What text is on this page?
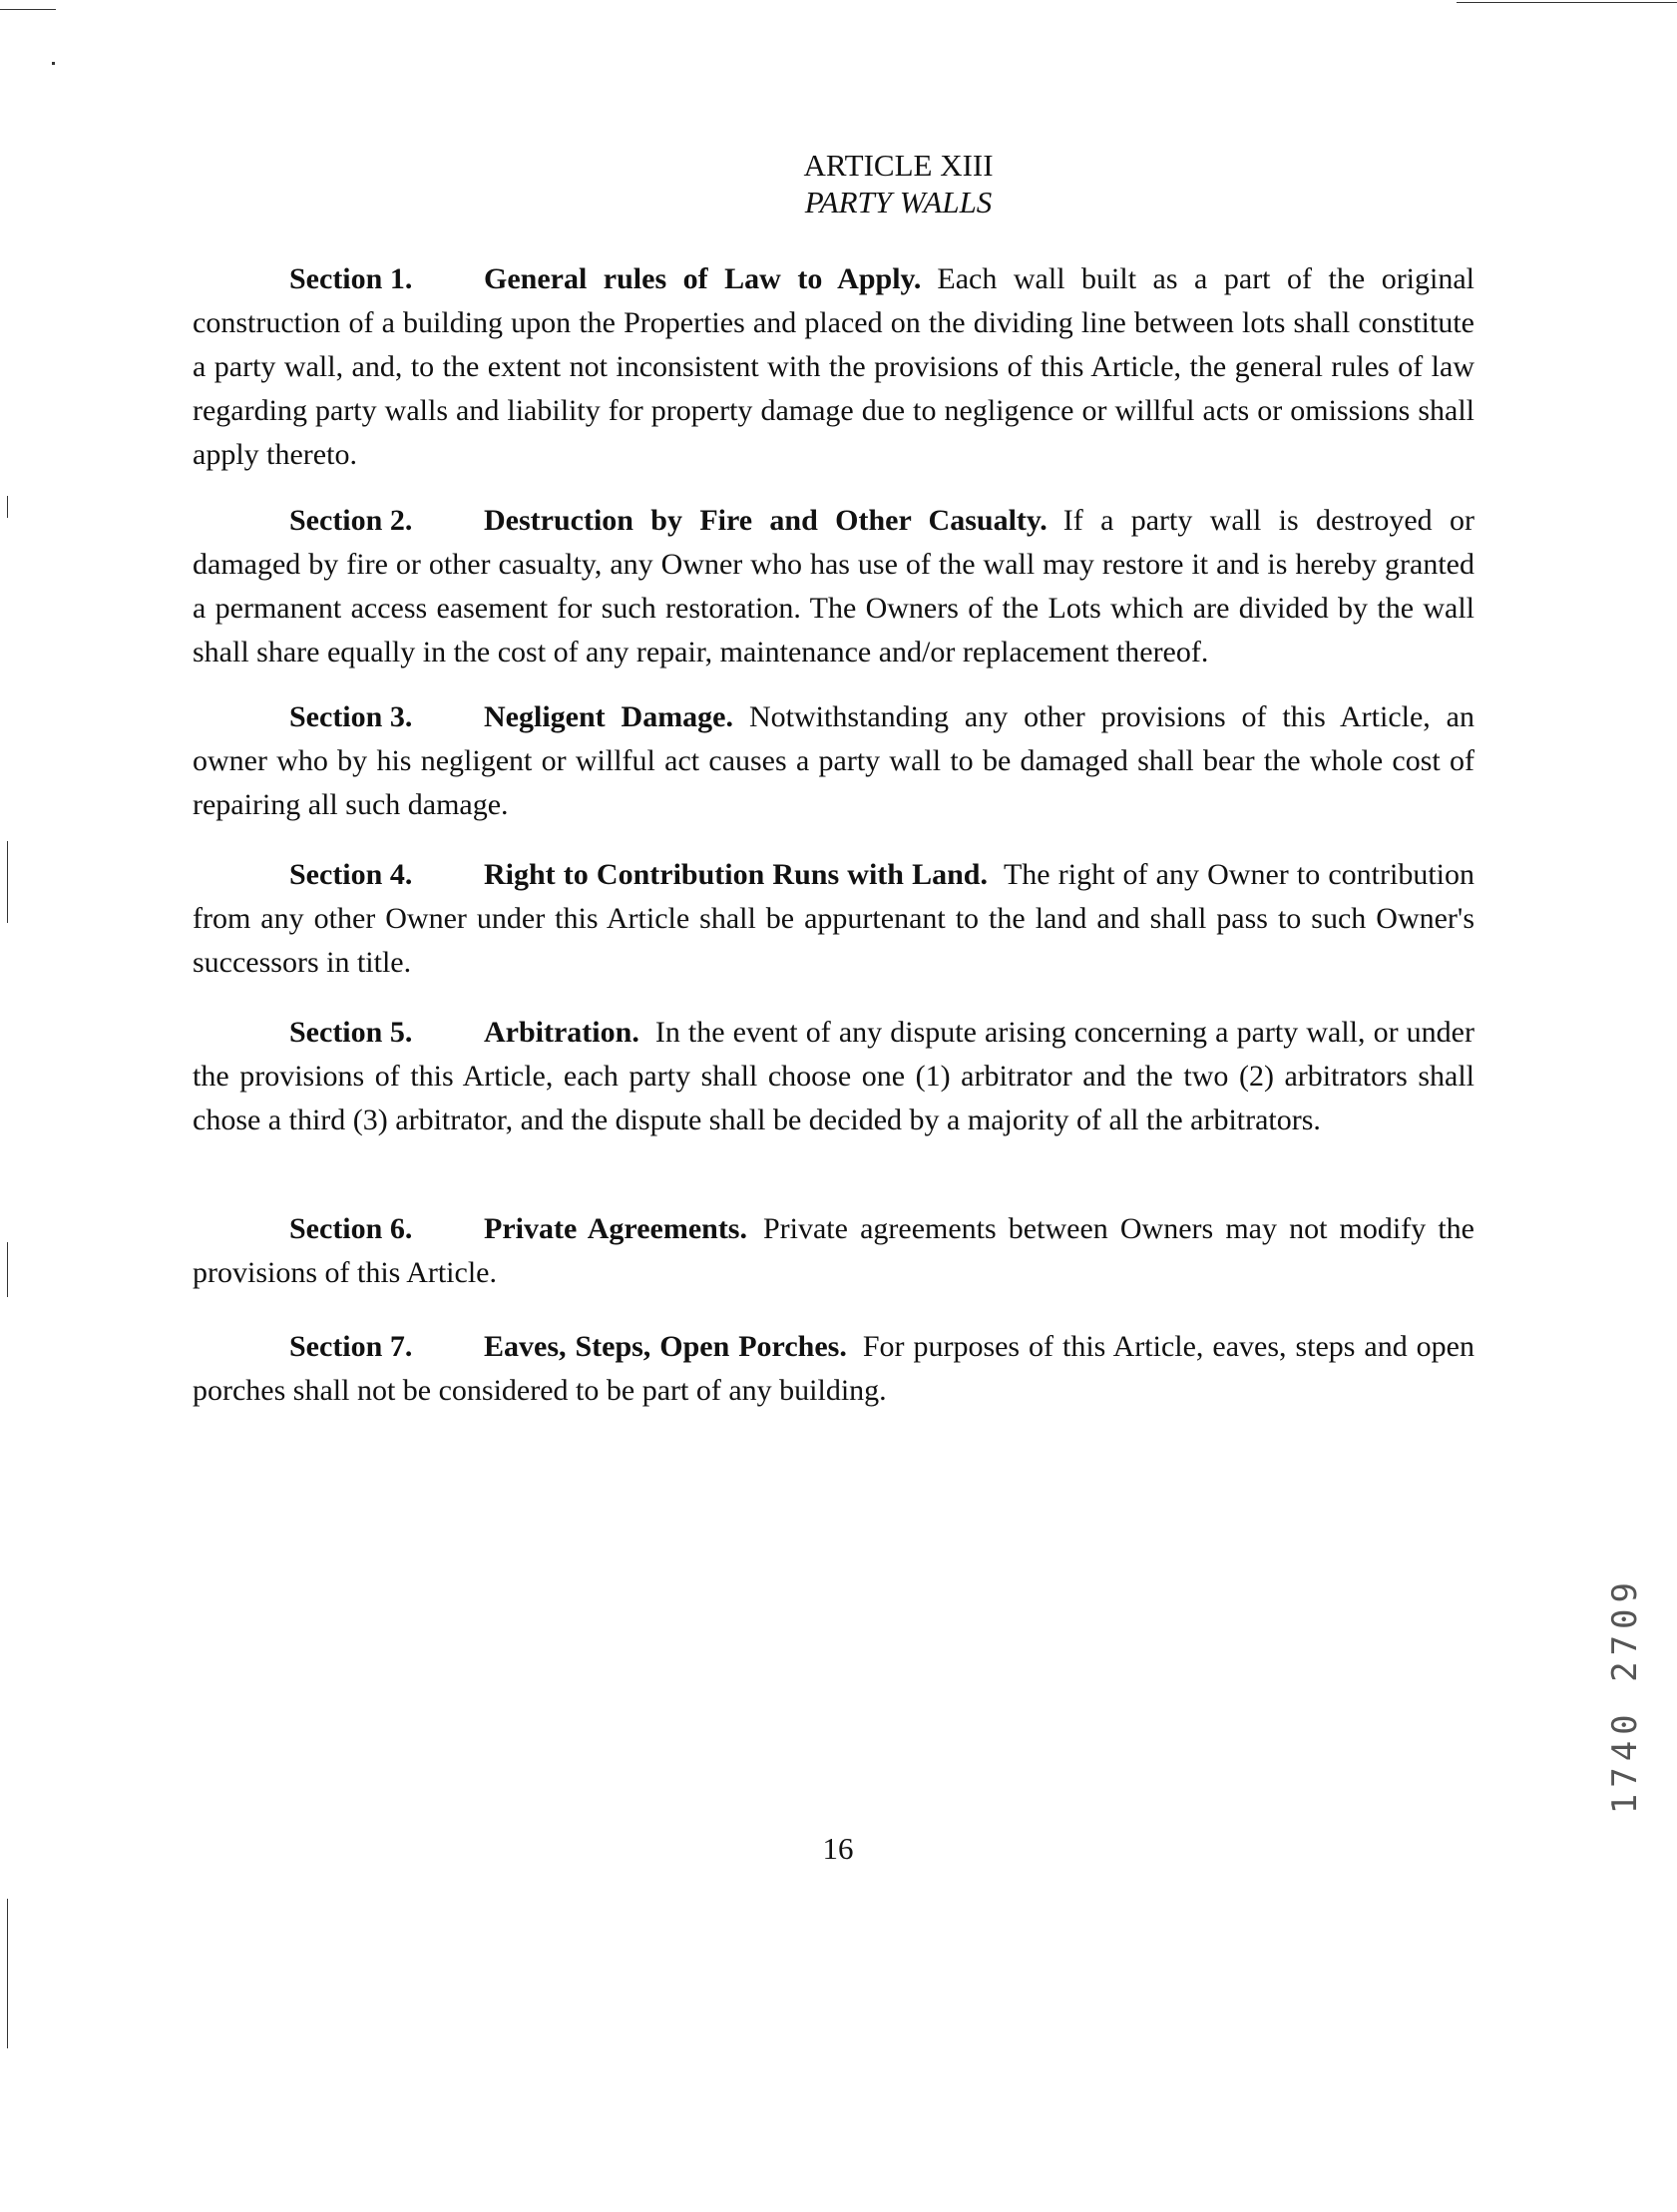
ARTICLE XIII
PARTY WALLS

Section 1. General rules of Law to Apply. Each wall built as a part of the original construction of a building upon the Properties and placed on the dividing line between lots shall constitute a party wall, and, to the extent not inconsistent with the provisions of this Article, the general rules of law regarding party walls and liability for property damage due to negligence or willful acts or omissions shall apply thereto.

Section 2. Destruction by Fire and Other Casualty. If a party wall is destroyed or damaged by fire or other casualty, any Owner who has use of the wall may restore it and is hereby granted a permanent access easement for such restoration. The Owners of the Lots which are divided by the wall shall share equally in the cost of any repair, maintenance and/or replacement thereof.

Section 3. Negligent Damage. Notwithstanding any other provisions of this Article, an owner who by his negligent or willful act causes a party wall to be damaged shall bear the whole cost of repairing all such damage.

Section 4. Right to Contribution Runs with Land. The right of any Owner to contribution from any other Owner under this Article shall be appurtenant to the land and shall pass to such Owner's successors in title.

Section 5. Arbitration. In the event of any dispute arising concerning a party wall, or under the provisions of this Article, each party shall choose one (1) arbitrator and the two (2) arbitrators shall chose a third (3) arbitrator, and the dispute shall be decided by a majority of all the arbitrators.

Section 6. Private Agreements. Private agreements between Owners may not modify the provisions of this Article.

Section 7. Eaves, Steps, Open Porches. For purposes of this Article, eaves, steps and open porches shall not be considered to be part of any building.

16
1740 2709
